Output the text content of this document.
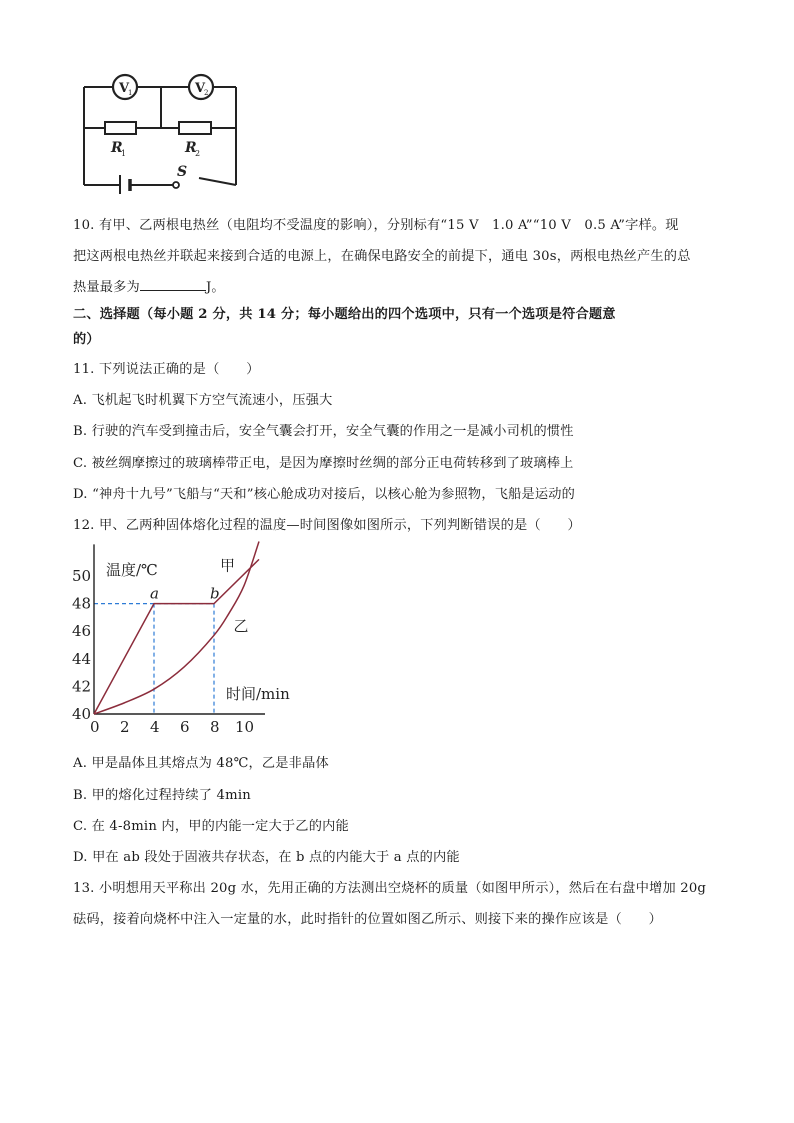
V
1	V
2
R
1	R
2
S
10. 有甲、乙两根电热丝（电阻均不受温度的影响），分别标有“15 V　1.0 A”“10 V　0.5 A”字样。现
把这两根电热丝并联起来接到合适的电源上，在确保电路安全的前提下，通电 30s，两根电热丝产生的总
热量最多为	J。
二、选择题（每小题 2 分，共 14 分；每小题给出的四个选项中，只有一个选项是符合题意
的）
11. 下列说法正确的是（　　）
A. 飞机起飞时机翼下方空气流速小，压强大
B. 行驶的汽车受到撞击后，安全气囊会打开，安全气囊的作用之一是减小司机的惯性
C. 被丝绸摩擦过的玻璃棒带正电，是因为摩擦时丝绸的部分正电荷转移到了玻璃棒上
D. “神舟十九号”飞船与“天和”核心舱成功对接后，以核心舱为参照物，飞船是运动的
12. 甲、乙两种固体熔化过程的温度—时间图像如图所示，下列判断错误的是（　　）
甲
乙
a	b
0 2 4 6 8 10
40
42
44
46
48
50 温度/℃
时间/min
A. 甲是晶体且其熔点为 48℃，乙是非晶体
B. 甲的熔化过程持续了 4min
C. 在 4-8min 内，甲的内能一定大于乙的内能
D. 甲在 ab 段处于固液共存状态，在 b 点的内能大于 a 点的内能
13. 小明想用天平称出 20g 水，先用正确的方法测出空烧杯的质量（如图甲所示），然后在右盘中增加 20g
砝码，接着向烧杯中注入一定量的水，此时指针的位置如图乙所示、则接下来的操作应该是（　　）
